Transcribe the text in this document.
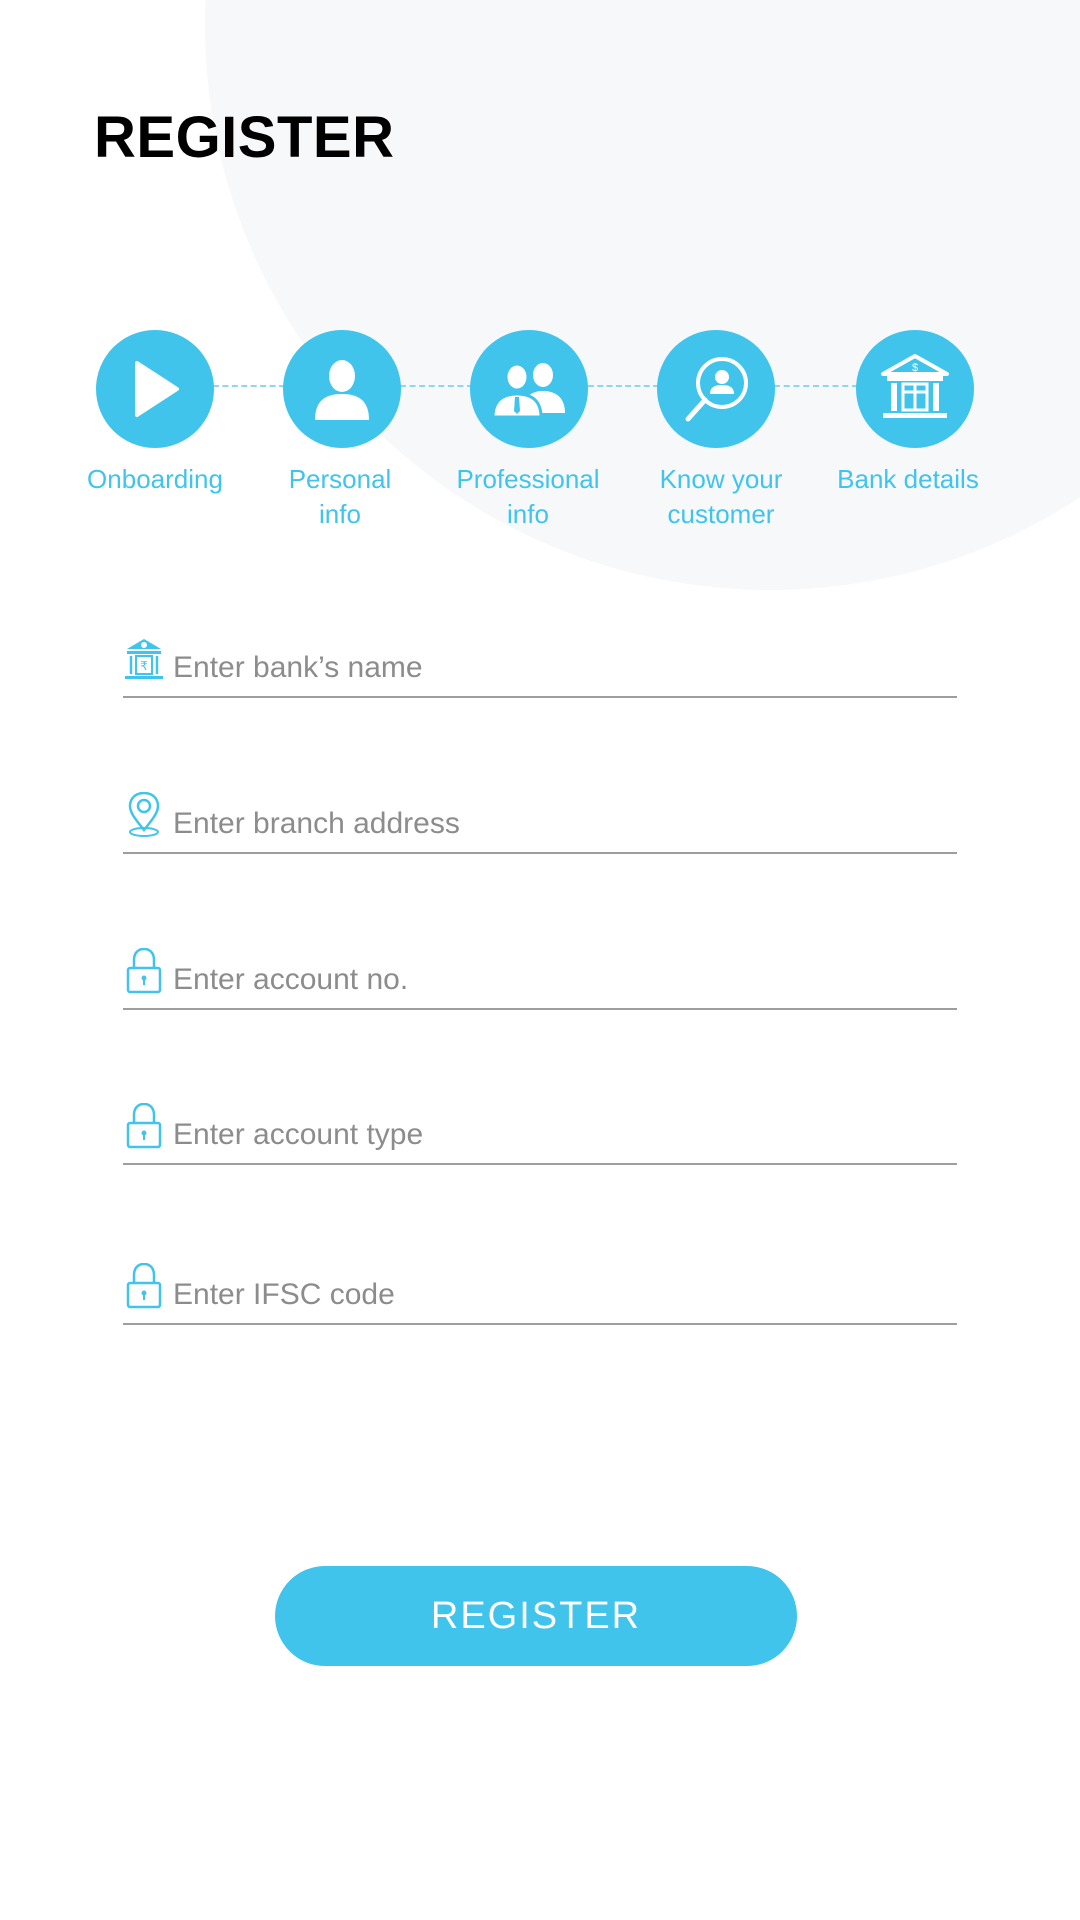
REGISTER
Onboarding	Personal
info
Professional
info
Know your
customer
$
Bank details
₹
Enter bank’s name
Enter branch address
Enter account no.
Enter account type
Enter IFSC code
REGISTER
